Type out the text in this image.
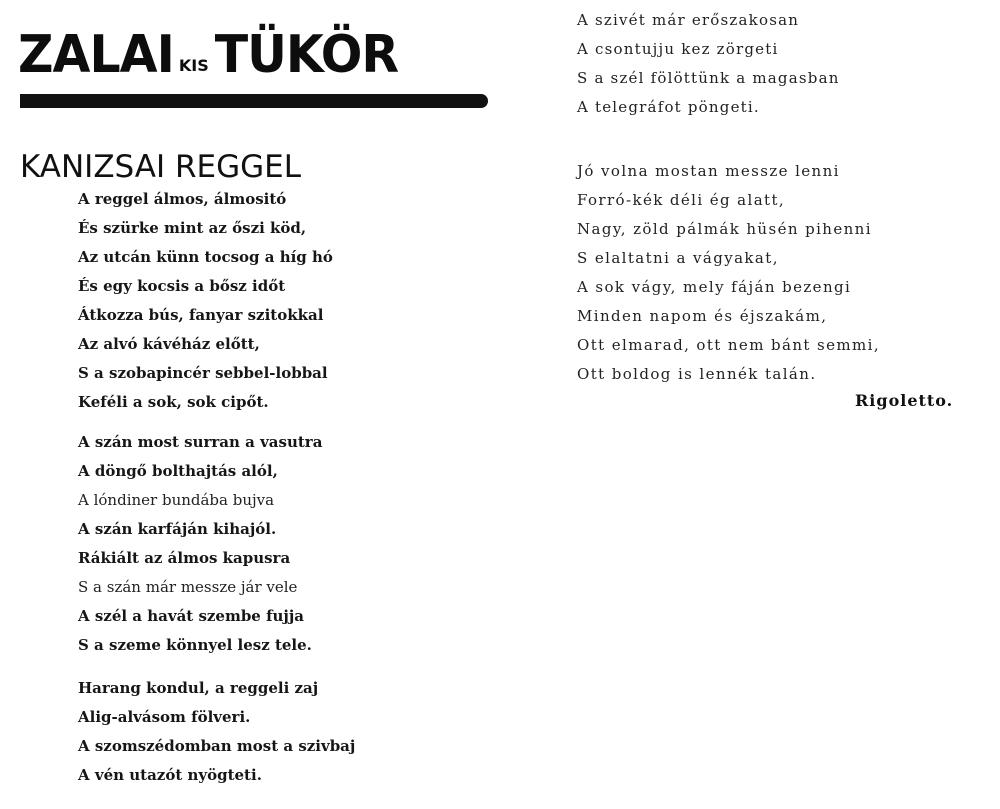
ZALAI KIS TÜKÖR
KANIZSAI REGGEL
A reggel álmos, álmositó
És szürke mint az őszi köd,
Az utcán künn tocsog a híg hó
És egy kocsis a bősz időt
Átkozza bús, fanyar szitokkal
Az alvó kávéház előtt,
S a szobapincér sebbel-lobbal
Keféli a sok, sok cipőt.
A szán most surran a vasutra
A döngő bolthajtás alól,
A lóndiner bundába bujva
A szán karfáján kihajól.
Rákiált az álmos kapusra
S a szán már messze jár vele
A szél a havát szembe fujja
S a szeme könnyel lesz tele.
Harang kondul, a reggeli zaj
Alig-alvásom fölveri.
A szomszédomban most a szivbaj
A vén utazót nyögteti.
A szivét már erőszakosan
A csontujju kez zörgeti
S a szél fölöttünk a magasban
A telegráfot pöngeti.
Jó volna mostan messze lenni
Forró-kék déli ég alatt,
Nagy, zöld pálmák hüsén pihenni
S elaltatni a vágyakat,
A sok vágy, mely fáján bezengi
Minden napom és éjszakám,
Ott elmarad, ott nem bánt semmi,
Ott boldog is lennék talán.
Rigoletto.
